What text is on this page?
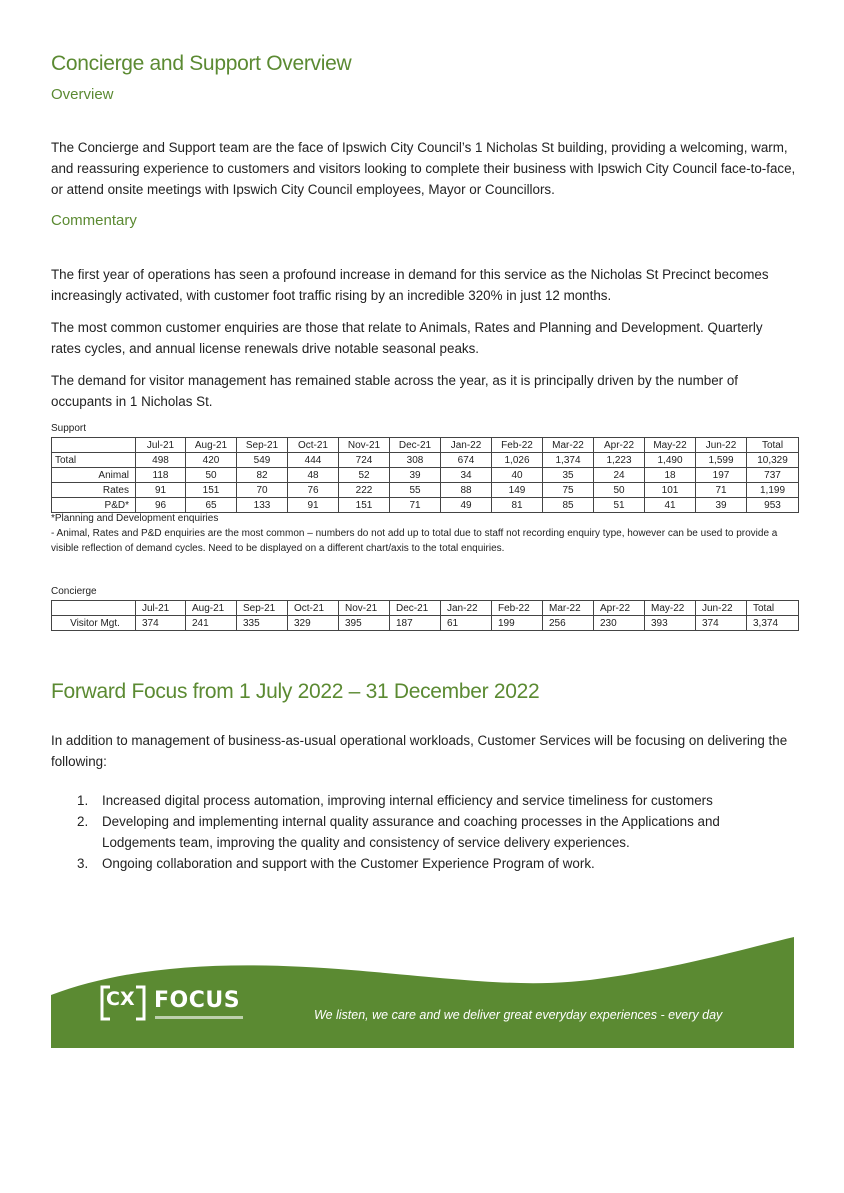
Concierge and Support Overview
Overview

The Concierge and Support team are the face of Ipswich City Council’s 1 Nicholas St building, providing a welcoming, warm, and reassuring experience to customers and visitors looking to complete their business with Ipswich City Council face-to-face, or attend onsite meetings with Ipswich City Council employees, Mayor or Councillors.

Commentary

The first year of operations has seen a profound increase in demand for this service as the Nicholas St Precinct becomes increasingly activated, with customer foot traffic rising by an incredible 320% in just 12 months.

The most common customer enquiries are those that relate to Animals, Rates and Planning and Development. Quarterly rates cycles, and annual license renewals drive notable seasonal peaks.

The demand for visitor management has remained stable across the year, as it is principally driven by the number of occupants in 1 Nicholas St.

Support

	Jul-21	Aug-21	Sep-21	Oct-21	Nov-21	Dec-21	Jan-22	Feb-22	Mar-22	Apr-22	May-22	Jun-22	Total
Total	498	420	549	444	724	308	674	1,026	1,374	1,223	1,490	1,599	10,329
Animal	118	50	82	48	52	39	34	40	35	24	18	197	737
Rates	91	151	70	76	222	55	88	149	75	50	101	71	1,199
P&D*	96	65	133	91	151	71	49	81	85	51	41	39	953

*Planning and Development enquiries

- Animal, Rates and P&D enquiries are the most common – numbers do not add up to total due to staff not recording enquiry type, however can be used to provide a visible reflection of demand cycles. Need to be displayed on a different chart/axis to the total enquiries.

Concierge

	Jul-21	Aug-21	Sep-21	Oct-21	Nov-21	Dec-21	Jan-22	Feb-22	Mar-22	Apr-22	May-22	Jun-22	Total
Visitor Mgt.	374	241	335	329	395	187	61	199	256	230	393	374	3,374
Forward Focus from 1 July 2022 – 31 December 2022

In addition to management of business-as-usual operational workloads, Customer Services will be focusing on delivering the following:

1. Increased digital process automation, improving internal efficiency and service timeliness for customers
2. Developing and implementing internal quality assurance and coaching processes in the Applications and Lodgements team, improving the quality and consistency of service delivery experiences.
3. Ongoing collaboration and support with the Customer Experience Program of work.
CX FOCUS

We listen, we care and we deliver great everyday experiences - every day
